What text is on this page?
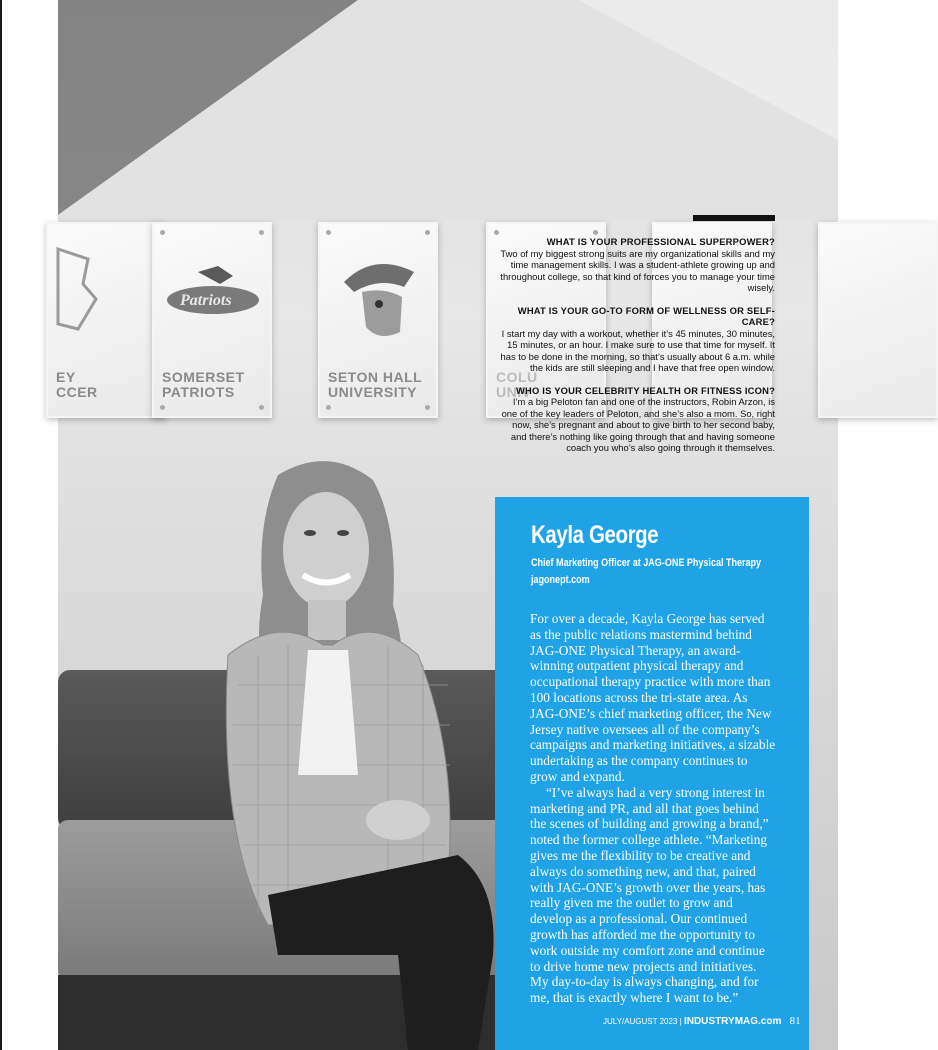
EY
CCER
Patriots
SOMERSET
PATRIOTS
SETON HALL
UNIVERSITY
COLU
UNIV
WHAT IS YOUR PROFESSIONAL SUPERPOWER?
Two of my biggest strong suits are my organizational skills and my time management skills. I was a student-athlete growing up and throughout college, so that kind of forces you to manage your time wisely.
WHAT IS YOUR GO-TO FORM OF WELLNESS OR SELF-CARE?
I start my day with a workout, whether it’s 45 minutes, 30 minutes, 15 minutes, or an hour. I make sure to use that time for myself. It has to be done in the morning, so that’s usually about 6 a.m. while the kids are still sleeping and I have that free open window.
WHO IS YOUR CELEBRITY HEALTH OR FITNESS ICON?
I’m a big Peloton fan and one of the instructors, Robin Arzon, is one of the key leaders of Peloton, and she’s also a mom. So, right now, she’s pregnant and about to give birth to her second baby, and there’s nothing like going through that and having someone coach you who’s also going through it themselves.
Kayla George
Chief Marketing Officer at JAG-ONE Physical Therapy
jagonept.com

For over a decade, Kayla George has served as the public relations mastermind behind JAG-ONE Physical Therapy, an award-winning outpatient physical therapy and occupational therapy practice with more than 100 locations across the tri-state area. As JAG-ONE’s chief marketing officer, the New Jersey native oversees all of the company’s campaigns and marketing initiatives, a sizable undertaking as the company continues to grow and expand.

“I’ve always had a very strong interest in marketing and PR, and all that goes behind the scenes of building and growing a brand,” noted the former college athlete. “Marketing gives me the flexibility to be creative and always do something new, and that, paired with JAG-ONE’s growth over the years, has really given me the outlet to grow and develop as a professional. Our continued growth has afforded me the opportunity to work outside my comfort zone and continue to drive home new projects and initiatives. My day-to-day is always changing, and for me, that is exactly where I want to be.”

JULY/AUGUST 2023 | INDUSTRYMAG.com 81
